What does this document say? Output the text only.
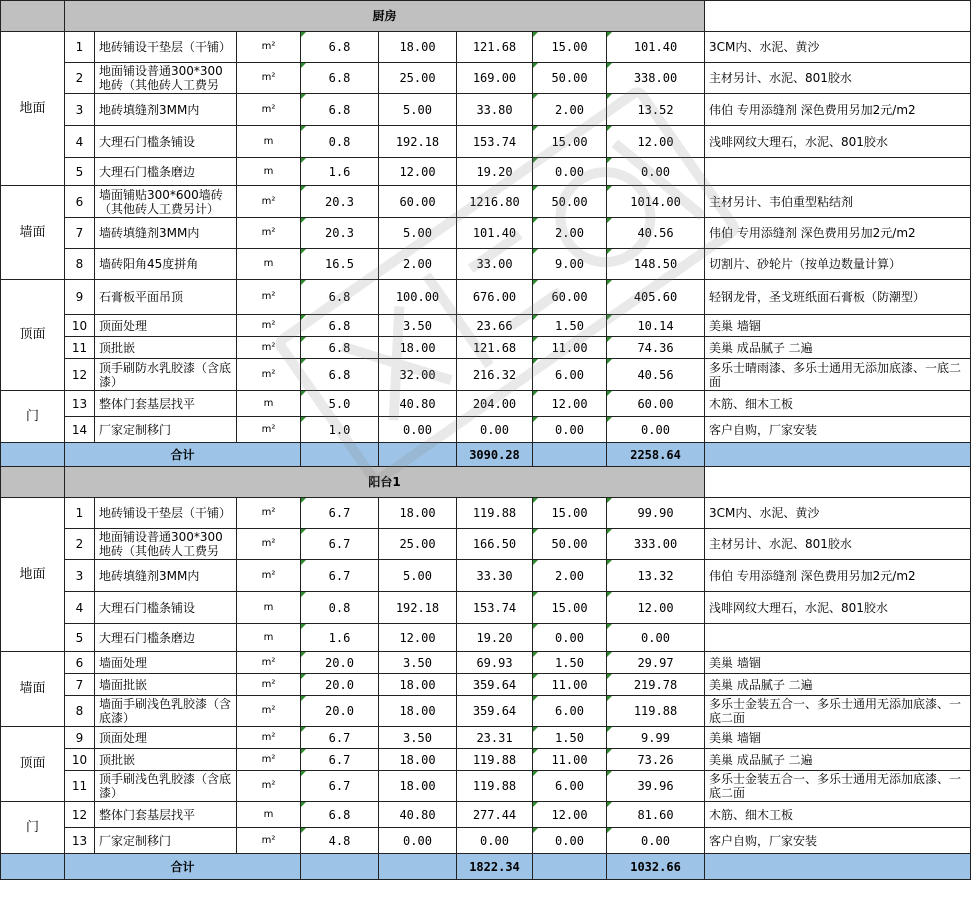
	厨房								
地面	1	地砖铺设干垫层（干铺）	m²	6.8	18.00	121.68	15.00	101.40	3CM内、水泥、黄沙
	2	地面铺设普通300*300地砖（其他砖人工费另	m²	6.8	25.00	169.00	50.00	338.00	主材另计、水泥、801胶水
	3	地砖填缝剂3MM内	m²	6.8	5.00	33.80	2.00	13.52	伟伯 专用添缝剂 深色费用另加2元/m2
	4	大理石门槛条铺设	m	0.8	192.18	153.74	15.00	12.00	浅啡网纹大理石，水泥、801胶水
	5	大理石门槛条磨边	m	1.6	12.00	19.20	0.00	0.00	
墙面	6	墙面铺贴300*600墙砖（其他砖人工费另计）	m²	20.3	60.00	1216.80	50.00	1014.00	主材另计、韦伯重型粘结剂
	7	墙砖填缝剂3MM内	m²	20.3	5.00	101.40	2.00	40.56	伟伯 专用添缝剂 深色费用另加2元/m2
	8	墙砖阳角45度拼角	m	16.5	2.00	33.00	9.00	148.50	切割片、砂轮片（按单边数量计算）
顶面	9	石膏板平面吊顶	m²	6.8	100.00	676.00	60.00	405.60	轻钢龙骨，圣戈班纸面石膏板（防潮型）
	10	顶面处理	m²	6.8	3.50	23.66	1.50	10.14	美巢 墙锢
	11	顶批嵌	m²	6.8	18.00	121.68	11.00	74.36	美巢 成品腻子 二遍
	12	顶手刷防水乳胶漆（含底漆）	m²	6.8	32.00	216.32	6.00	40.56	多乐士晴雨漆、多乐士通用无添加底漆、一底二面
门	13	整体门套基层找平	m	5.0	40.80	204.00	12.00	60.00	木筋、细木工板
	14	厂家定制移门	m²	1.0	0.00	0.00	0.00	0.00	客户自购，厂家安装
	合计					3090.28		2258.64	
	阳台1								
地面	1	地砖铺设干垫层（干铺）	m²	6.7	18.00	119.88	15.00	99.90	3CM内、水泥、黄沙
	2	地面铺设普通300*300地砖（其他砖人工费另	m²	6.7	25.00	166.50	50.00	333.00	主材另计、水泥、801胶水
	3	地砖填缝剂3MM内	m²	6.7	5.00	33.30	2.00	13.32	伟伯 专用添缝剂 深色费用另加2元/m2
	4	大理石门槛条铺设	m	0.8	192.18	153.74	15.00	12.00	浅啡网纹大理石，水泥、801胶水
	5	大理石门槛条磨边	m	1.6	12.00	19.20	0.00	0.00	
墙面	6	墙面处理	m²	20.0	3.50	69.93	1.50	29.97	美巢 墙锢
	7	墙面批嵌	m²	20.0	18.00	359.64	11.00	219.78	美巢 成品腻子 二遍
	8	墙面手刷浅色乳胶漆（含底漆）	m²	20.0	18.00	359.64	6.00	119.88	多乐士金装五合一、多乐士通用无添加底漆、一底二面
顶面	9	顶面处理	m²	6.7	3.50	23.31	1.50	9.99	美巢 墙锢
	10	顶批嵌	m²	6.7	18.00	119.88	11.00	73.26	美巢 成品腻子 二遍
	11	顶手刷浅色乳胶漆（含底漆）	m²	6.7	18.00	119.88	6.00	39.96	多乐士金装五合一、多乐士通用无添加底漆、一底二面
门	12	整体门套基层找平	m	6.8	40.80	277.44	12.00	81.60	木筋、细木工板
	13	厂家定制移门	m²	4.8	0.00	0.00	0.00	0.00	客户自购，厂家安装
	合计					1822.34		1032.66	
